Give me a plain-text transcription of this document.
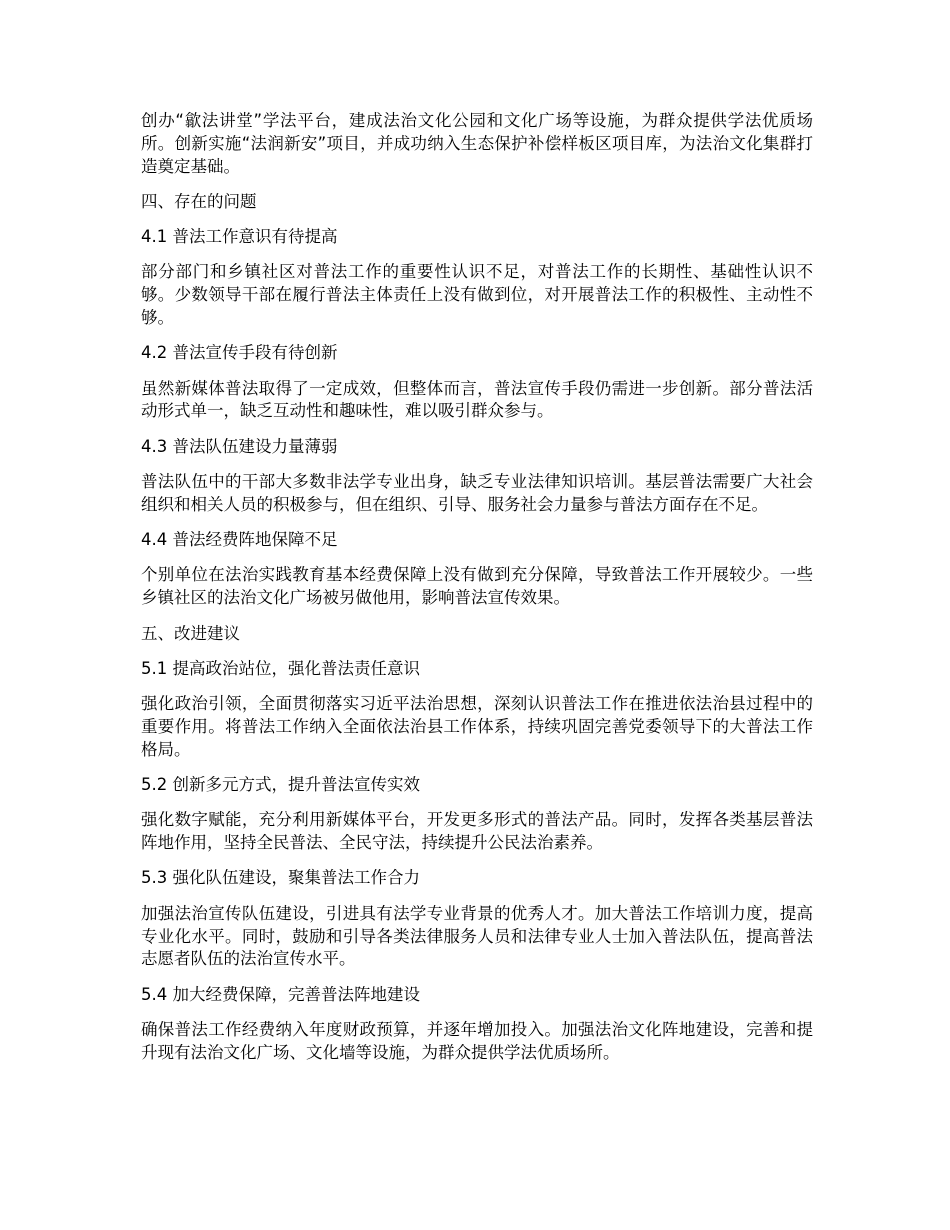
创办“歙法讲堂”学法平台，建成法治文化公园和文化广场等设施，为群众提供学法优质场所。创新实施“法润新安”项目，并成功纳入生态保护补偿样板区项目库，为法治文化集群打造奠定基础。

四、存在的问题

4.1 普法工作意识有待提高

部分部门和乡镇社区对普法工作的重要性认识不足，对普法工作的长期性、基础性认识不够。少数领导干部在履行普法主体责任上没有做到位，对开展普法工作的积极性、主动性不够。

4.2 普法宣传手段有待创新

虽然新媒体普法取得了一定成效，但整体而言，普法宣传手段仍需进一步创新。部分普法活动形式单一，缺乏互动性和趣味性，难以吸引群众参与。

4.3 普法队伍建设力量薄弱

普法队伍中的干部大多数非法学专业出身，缺乏专业法律知识培训。基层普法需要广大社会组织和相关人员的积极参与，但在组织、引导、服务社会力量参与普法方面存在不足。

4.4 普法经费阵地保障不足

个别单位在法治实践教育基本经费保障上没有做到充分保障，导致普法工作开展较少。一些乡镇社区的法治文化广场被另做他用，影响普法宣传效果。

五、改进建议

5.1 提高政治站位，强化普法责任意识

强化政治引领，全面贯彻落实习近平法治思想，深刻认识普法工作在推进依法治县过程中的重要作用。将普法工作纳入全面依法治县工作体系，持续巩固完善党委领导下的大普法工作格局。

5.2 创新多元方式，提升普法宣传实效

强化数字赋能，充分利用新媒体平台，开发更多形式的普法产品。同时，发挥各类基层普法阵地作用，坚持全民普法、全民守法，持续提升公民法治素养。

5.3 强化队伍建设，聚集普法工作合力

加强法治宣传队伍建设，引进具有法学专业背景的优秀人才。加大普法工作培训力度，提高专业化水平。同时，鼓励和引导各类法律服务人员和法律专业人士加入普法队伍，提高普法志愿者队伍的法治宣传水平。

5.4 加大经费保障，完善普法阵地建设

确保普法工作经费纳入年度财政预算，并逐年增加投入。加强法治文化阵地建设，完善和提升现有法治文化广场、文化墙等设施，为群众提供学法优质场所。
